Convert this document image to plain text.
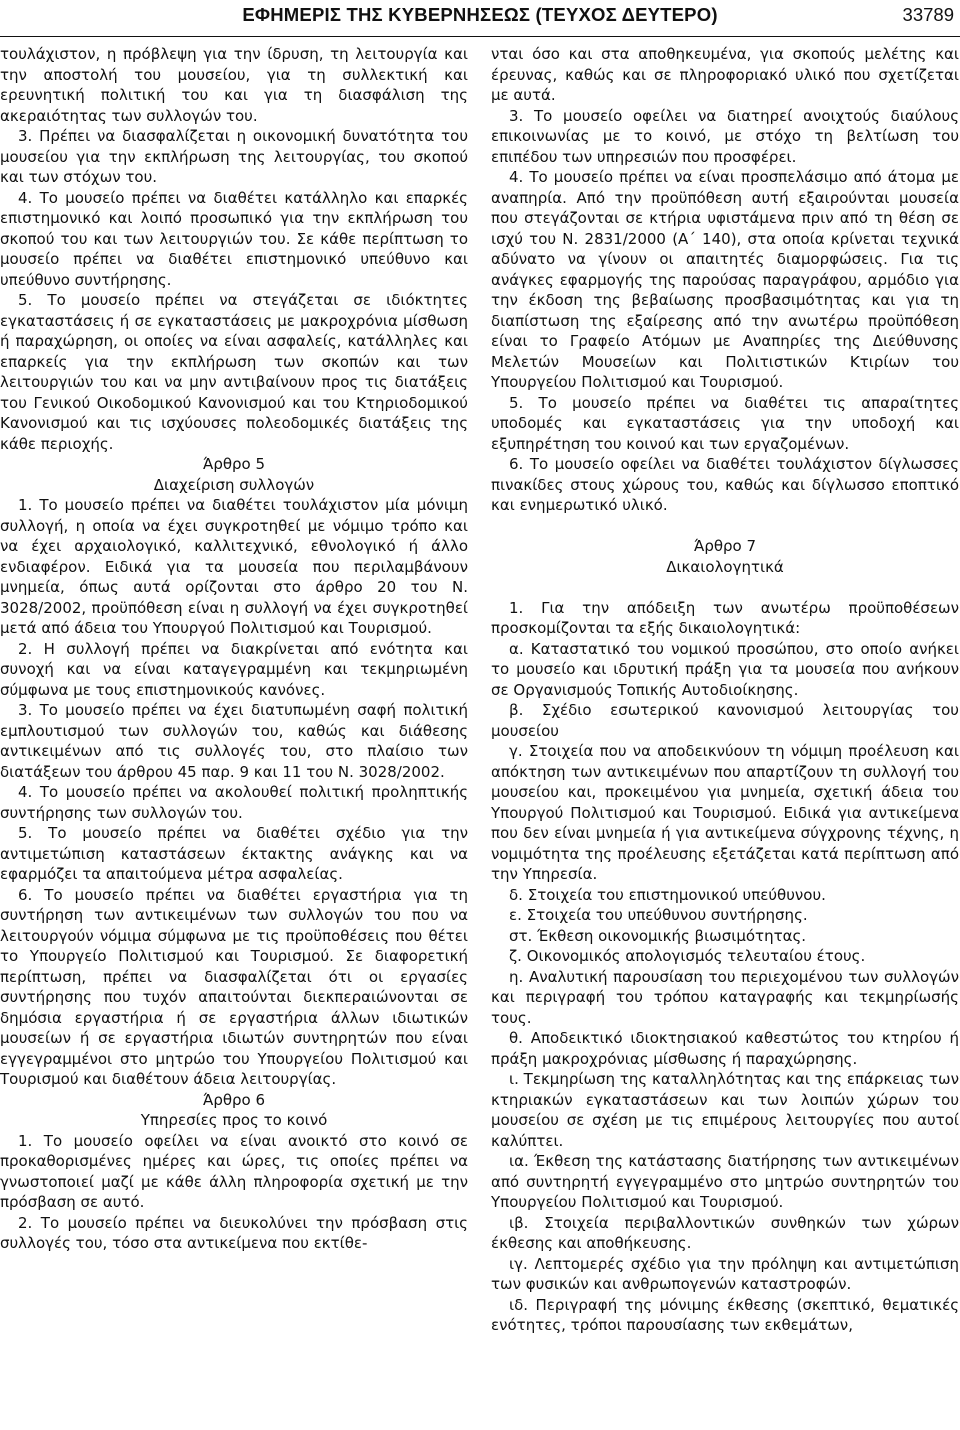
ΕΦΗΜΕΡΙΣ ΤΗΣ ΚΥΒΕΡΝΗΣΕΩΣ (ΤΕΥΧΟΣ ΔΕΥΤΕΡΟ)	33789

τουλάχιστον, η πρόβλεψη για την ίδρυση, τη λειτουργία και την αποστολή του μουσείου, για τη συλλεκτική και ερευνητική πολιτική του και για τη διασφάλιση της ακεραιότητας των συλλογών του.

3. Πρέπει να διασφαλίζεται η οικονομική δυνατότητα του μουσείου για την εκπλήρωση της λειτουργίας, του σκοπού και των στόχων του.

4. Το μουσείο πρέπει να διαθέτει κατάλληλο και επαρκές επιστημονικό και λοιπό προσωπικό για την εκπλήρωση του σκοπού του και των λειτουργιών του. Σε κάθε περίπτωση το μουσείο πρέπει να διαθέτει επιστημονικό υπεύθυνο και υπεύθυνο συντήρησης.

5. Το μουσείο πρέπει να στεγάζεται σε ιδιόκτητες εγκαταστάσεις ή σε εγκαταστάσεις με μακροχρόνια μίσθωση ή παραχώρηση, οι οποίες να είναι ασφαλείς, κατάλληλες και επαρκείς για την εκπλήρωση των σκοπών και των λειτουργιών του και να μην αντιβαίνουν προς τις διατάξεις του Γενικού Οικοδομικού Κανονισμού και του Κτηριοδομικού Κανονισμού και τις ισχύουσες πολεοδομικές διατάξεις της κάθε περιοχής.

Άρθρο 5

Διαχείριση συλλογών

1. Το μουσείο πρέπει να διαθέτει τουλάχιστον μία μόνιμη συλλογή, η οποία να έχει συγκροτηθεί με νόμιμο τρόπο και να έχει αρχαιολογικό, καλλιτεχνικό, εθνολογικό ή άλλο ενδιαφέρον. Ειδικά για τα μουσεία που περιλαμβάνουν μνημεία, όπως αυτά ορίζονται στο άρθρο 20 του Ν. 3028/2002, προϋπόθεση είναι η συλλογή να έχει συγκροτηθεί μετά από άδεια του Υπουργού Πολιτισμού και Τουρισμού.

2. Η συλλογή πρέπει να διακρίνεται από ενότητα και συνοχή και να είναι καταγεγραμμένη και τεκμηριωμένη σύμφωνα με τους επιστημονικούς κανόνες.

3. Το μουσείο πρέπει να έχει διατυπωμένη σαφή πολιτική εμπλουτισμού των συλλογών του, καθώς και διάθεσης αντικειμένων από τις συλλογές του, στο πλαίσιο των διατάξεων του άρθρου 45 παρ. 9 και 11 του Ν. 3028/2002.

4. Το μουσείο πρέπει να ακολουθεί πολιτική προληπτικής συντήρησης των συλλογών του.

5. Το μουσείο πρέπει να διαθέτει σχέδιο για την αντιμετώπιση καταστάσεων έκτακτης ανάγκης και να εφαρμόζει τα απαιτούμενα μέτρα ασφαλείας.

6. Το μουσείο πρέπει να διαθέτει εργαστήρια για τη συντήρηση των αντικειμένων των συλλογών του που να λειτουργούν νόμιμα σύμφωνα με τις προϋποθέσεις που θέτει το Υπουργείο Πολιτισμού και Τουρισμού. Σε διαφορετική περίπτωση, πρέπει να διασφαλίζεται ότι οι εργασίες συντήρησης που τυχόν απαιτούνται διεκπεραιώνονται σε δημόσια εργαστήρια ή σε εργαστήρια άλλων ιδιωτικών μουσείων ή σε εργαστήρια ιδιωτών συντηρητών που είναι εγγεγραμμένοι στο μητρώο του Υπουργείου Πολιτισμού και Τουρισμού και διαθέτουν άδεια λειτουργίας.

Άρθρο 6

Υπηρεσίες προς το κοινό

1. Το μουσείο οφείλει να είναι ανοικτό στο κοινό σε προκαθορισμένες ημέρες και ώρες, τις οποίες πρέπει να γνωστοποιεί μαζί με κάθε άλλη πληροφορία σχετική με την πρόσβαση σε αυτό.

2. Το μουσείο πρέπει να διευκολύνει την πρόσβαση στις συλλογές του, τόσο στα αντικείμενα που εκτίθε-

νται όσο και στα αποθηκευμένα, για σκοπούς μελέτης και έρευνας, καθώς και σε πληροφοριακό υλικό που σχετίζεται με αυτά.

3. Το μουσείο οφείλει να διατηρεί ανοιχτούς διαύλους επικοινωνίας με το κοινό, με στόχο τη βελτίωση του επιπέδου των υπηρεσιών που προσφέρει.

4. Το μουσείο πρέπει να είναι προσπελάσιμο από άτομα με αναπηρία. Από την προϋπόθεση αυτή εξαιρούνται μουσεία που στεγάζονται σε κτήρια υφιστάμενα πριν από τη θέση σε ισχύ του Ν. 2831/2000 (Α΄ 140), στα οποία κρίνεται τεχνικά αδύνατο να γίνουν οι απαιτητές διαμορφώσεις. Για τις ανάγκες εφαρμογής της παρούσας παραγράφου, αρμόδιο για την έκδοση της βεβαίωσης προσβασιμότητας και για τη διαπίστωση της εξαίρεσης από την ανωτέρω προϋπόθεση είναι το Γραφείο Ατόμων με Αναπηρίες της Διεύθυνσης Μελετών Μουσείων και Πολιτιστικών Κτιρίων του Υπουργείου Πολιτισμού και Τουρισμού.

5. Το μουσείο πρέπει να διαθέτει τις απαραίτητες υποδομές και εγκαταστάσεις για την υποδοχή και εξυπηρέτηση του κοινού και των εργαζομένων.

6. Το μουσείο οφείλει να διαθέτει τουλάχιστον δίγλωσσες πινακίδες στους χώρους του, καθώς και δίγλωσσο εποπτικό και ενημερωτικό υλικό.

Άρθρο 7

Δικαιολογητικά

1. Για την απόδειξη των ανωτέρω προϋποθέσεων προσκομίζονται τα εξής δικαιολογητικά:

α. Καταστατικό του νομικού προσώπου, στο οποίο ανήκει το μουσείο και ιδρυτική πράξη για τα μουσεία που ανήκουν σε Οργανισμούς Τοπικής Αυτοδιοίκησης.

β. Σχέδιο εσωτερικού κανονισμού λειτουργίας του μουσείου

γ. Στοιχεία που να αποδεικνύουν τη νόμιμη προέλευση και απόκτηση των αντικειμένων που απαρτίζουν τη συλλογή του μουσείου και, προκειμένου για μνημεία, σχετική άδεια του Υπουργού Πολιτισμού και Τουρισμού. Ειδικά για αντικείμενα που δεν είναι μνημεία ή για αντικείμενα σύγχρονης τέχνης, η νομιμότητα της προέλευσης εξετάζεται κατά περίπτωση από την Υπηρεσία.

δ. Στοιχεία του επιστημονικού υπεύθυνου.

ε. Στοιχεία του υπεύθυνου συντήρησης.

στ. Έκθεση οικονομικής βιωσιμότητας.

ζ. Οικονομικός απολογισμός τελευταίου έτους.

η. Αναλυτική παρουσίαση του περιεχομένου των συλλογών και περιγραφή του τρόπου καταγραφής και τεκμηρίωσής τους.

θ. Αποδεικτικό ιδιοκτησιακού καθεστώτος του κτηρίου ή πράξη μακροχρόνιας μίσθωσης ή παραχώρησης.

ι. Τεκμηρίωση της καταλληλότητας και της επάρκειας των κτηριακών εγκαταστάσεων και των λοιπών χώρων του μουσείου σε σχέση με τις επιμέρους λειτουργίες που αυτοί καλύπτει.

ια. Έκθεση της κατάστασης διατήρησης των αντικειμένων από συντηρητή εγγεγραμμένο στο μητρώο συντηρητών του Υπουργείου Πολιτισμού και Τουρισμού.

ιβ. Στοιχεία περιβαλλοντικών συνθηκών των χώρων έκθεσης και αποθήκευσης.

ιγ. Λεπτομερές σχέδιο για την πρόληψη και αντιμετώπιση των φυσικών και ανθρωπογενών καταστροφών.

ιδ. Περιγραφή της μόνιμης έκθεσης (σκεπτικό, θεματικές ενότητες, τρόποι παρουσίασης των εκθεμάτων,
